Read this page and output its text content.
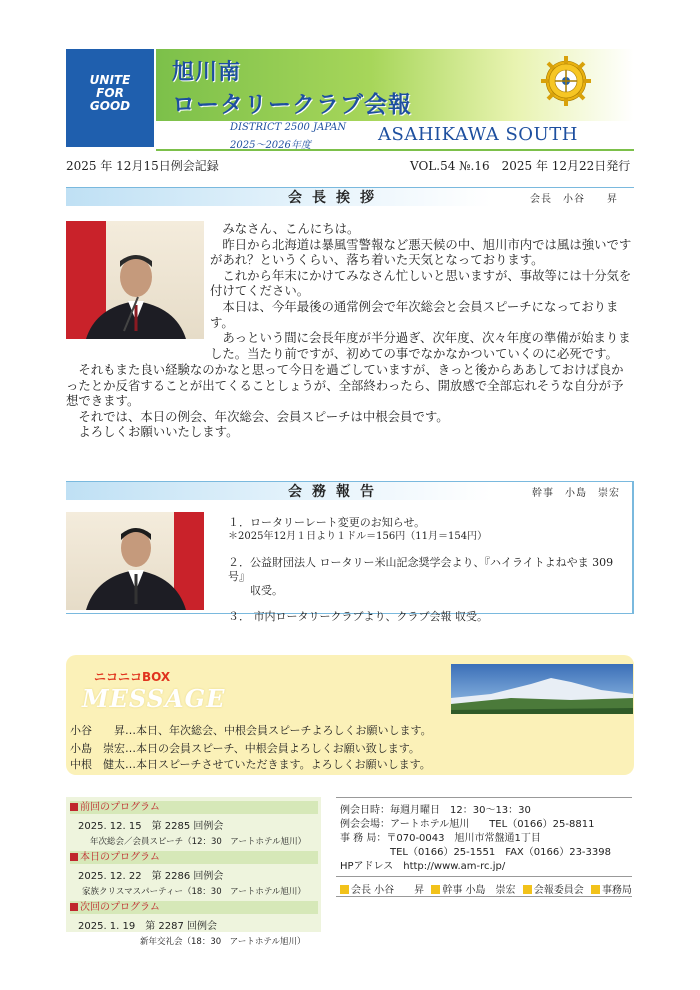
UNITE
FOR
GOOD
旭川南
ロータリークラブ会報
DISTRICT 2500 JAPAN
2025～2026年度
ASAHIKAWA SOUTH
2025 年 12月15日例会記録	VOL.54 №.16　2025 年 12月22日発行
会長挨拶	会長　小谷　　昇
　みなさん、こんにちは。
　昨日から北海道は暴風雪警報など悪天候の中、旭川市内では風は強いですがあれ？というくらい、落ち着いた天気となっております。
　これから年末にかけてみなさん忙しいと思いますが、事故等には十分気を付けてください。
　本日は、今年最後の通常例会で年次総会と会員スピーチになっております。
　あっという間に会長年度が半分過ぎ、次年度、次々年度の準備が始まりました。当たり前ですが、初めての事でなかなかついていくのに必死です。
　それもまた良い経験なのかなと思って今日を過ごしていますが、きっと後からああしておけば良かったとか反省することが出てくることしょうが、全部終わったら、開放感で全部忘れそうな自分が予想できます。
　それでは、本日の例会、年次総会、会員スピーチは中根会員です。
　よろしくお願いいたします。
会務報告	幹事　小島　崇宏
１．ロータリーレート変更のお知らせ。
＊2025年12月１日より１ドル＝156円（11月＝154円）
２．公益財団法人 ロータリー米山記念奨学会より、『ハイライトよねやま 309号』
　　収受。
３． 市内ロータリークラブより、クラブ会報 収受。
ニコニコBOX
MESSAGE
小谷　　昇…本日、年次総会、中根会員スピーチよろしくお願いします。
小島　崇宏…本日の会員スピーチ、中根会員よろしくお願い致します。
中根　健太…本日スピーチさせていただきます。よろしくお願いします。
前回のプログラム
2025. 12. 15　第 2285 回例会
年次総会／会員スピーチ（12：30　アートホテル旭川）
本日のプログラム
2025. 12. 22　第 2286 回例会
家族クリスマスパーティー（18：30　アートホテル旭川）
次回のプログラム
2025. 1. 19　第 2287 回例会
新年交礼会（18：30　アートホテル旭川）
例会日時：毎週月曜日　12：30～13：30
例会会場：アートホテル旭川　　TEL（0166）25-8811
事 務 局：〒070-0043　旭川市常盤通1丁目
　　　　　TEL（0166）25-1551　FAX（0166）23-3398
HPアドレス　http://www.am-rc.jp/
会長 小谷　　昇 幹事 小島　崇宏 会報委員会 事務局
